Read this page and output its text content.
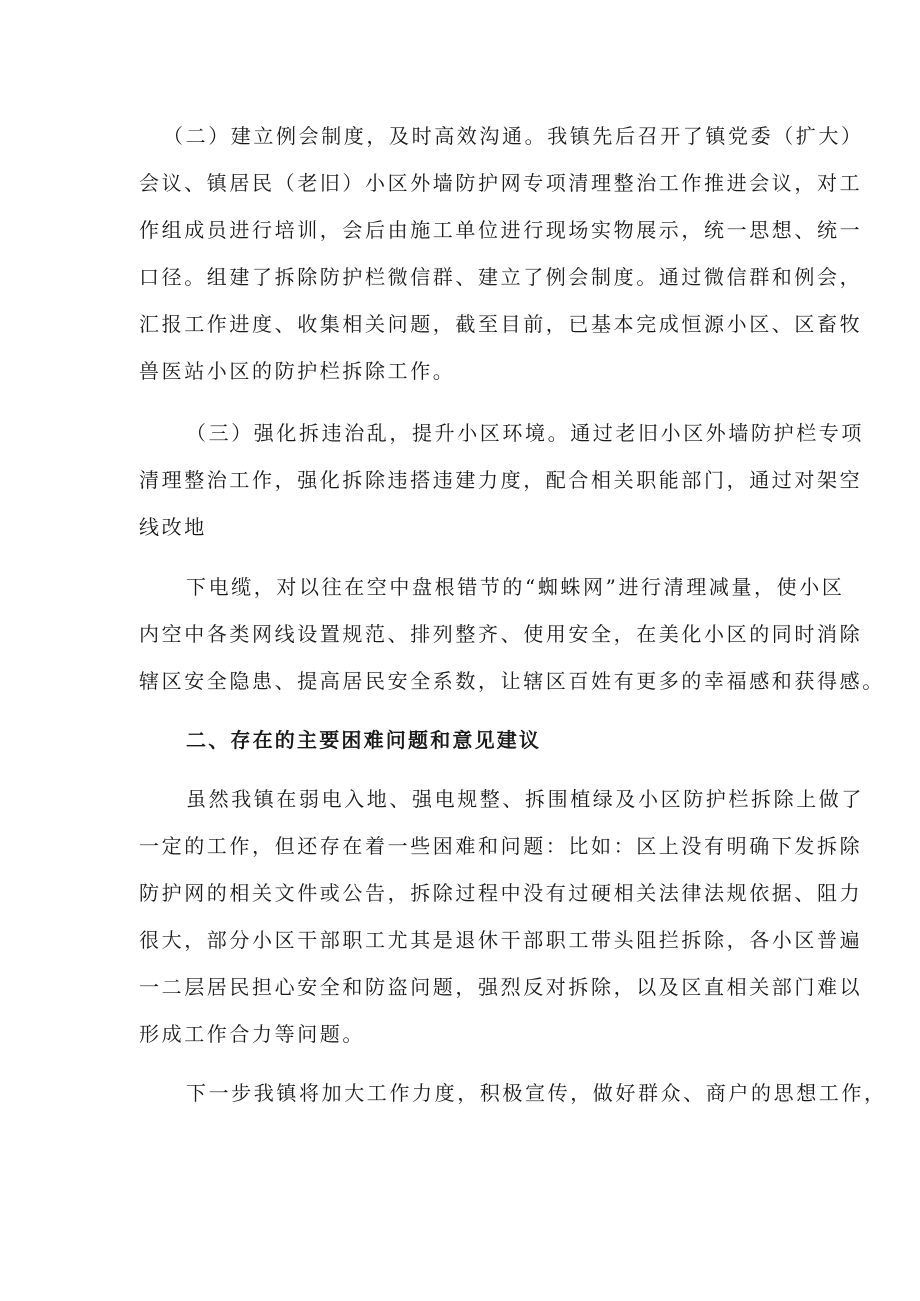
（二）建立例会制度，及时高效沟通。我镇先后召开了镇党委（扩大）
会议、镇居民（老旧）小区外墙防护网专项清理整治工作推进会议，对工
作组成员进行培训，会后由施工单位进行现场实物展示，统一思想、统一
口径。组建了拆除防护栏微信群、建立了例会制度。通过微信群和例会，
汇报工作进度、收集相关问题，截至目前，已基本完成恒源小区、区畜牧
兽医站小区的防护栏拆除工作。
（三）强化拆违治乱，提升小区环境。通过老旧小区外墙防护栏专项
清理整治工作，强化拆除违搭违建力度，配合相关职能部门，通过对架空
线改地
下电缆，对以往在空中盘根错节的“蜘蛛网”进行清理减量，使小区
内空中各类网线设置规范、排列整齐、使用安全，在美化小区的同时消除
辖区安全隐患、提高居民安全系数，让辖区百姓有更多的幸福感和获得感。
二、存在的主要困难问题和意见建议
虽然我镇在弱电入地、强电规整、拆围植绿及小区防护栏拆除上做了
一定的工作，但还存在着一些困难和问题：比如：区上没有明确下发拆除
防护网的相关文件或公告，拆除过程中没有过硬相关法律法规依据、阻力
很大，部分小区干部职工尤其是退休干部职工带头阻拦拆除，各小区普遍
一二层居民担心安全和防盗问题，强烈反对拆除，以及区直相关部门难以
形成工作合力等问题。
下一步我镇将加大工作力度，积极宣传，做好群众、商户的思想工作，
